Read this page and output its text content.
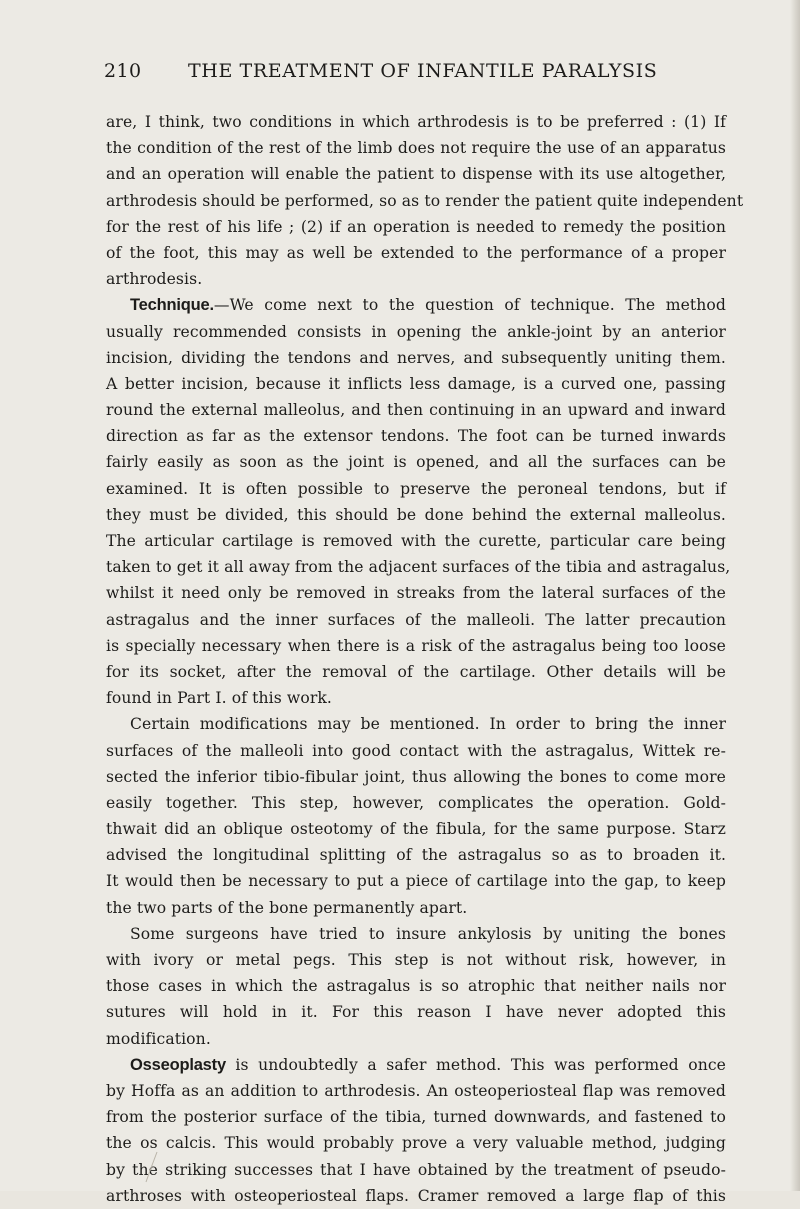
210 THE TREATMENT OF INFANTILE PARALYSIS
are, I think, two conditions in which arthrodesis is to be preferred : (1) If
the condition of the rest of the limb does not require the use of an apparatus
and an operation will enable the patient to dispense with its use altogether,
arthrodesis should be performed, so as to render the patient quite independent
for the rest of his life ; (2) if an operation is needed to remedy the position
of the foot, this may as well be extended to the performance of a proper
arthrodesis.
Technique.—We come next to the question of technique. The method
usually recommended consists in opening the ankle-joint by an anterior
incision, dividing the tendons and nerves, and subsequently uniting them.
A better incision, because it inflicts less damage, is a curved one, passing
round the external malleolus, and then continuing in an upward and inward
direction as far as the extensor tendons. The foot can be turned inwards
fairly easily as soon as the joint is opened, and all the surfaces can be
examined. It is often possible to preserve the peroneal tendons, but if
they must be divided, this should be done behind the external malleolus.
The articular cartilage is removed with the curette, particular care being
taken to get it all away from the adjacent surfaces of the tibia and astragalus,
whilst it need only be removed in streaks from the lateral surfaces of the
astragalus and the inner surfaces of the malleoli. The latter precaution
is specially necessary when there is a risk of the astragalus being too loose
for its socket, after the removal of the cartilage. Other details will be
found in Part I. of this work.
Certain modifications may be mentioned. In order to bring the inner
surfaces of the malleoli into good contact with the astragalus, Wittek re-
sected the inferior tibio-fibular joint, thus allowing the bones to come more
easily together. This step, however, complicates the operation. Gold-
thwait did an oblique osteotomy of the fibula, for the same purpose. Starz
advised the longitudinal splitting of the astragalus so as to broaden it.
It would then be necessary to put a piece of cartilage into the gap, to keep
the two parts of the bone permanently apart.
Some surgeons have tried to insure ankylosis by uniting the bones
with ivory or metal pegs. This step is not without risk, however, in
those cases in which the astragalus is so atrophic that neither nails nor
sutures will hold in it. For this reason I have never adopted this
modification.
Osseoplasty is undoubtedly a safer method. This was performed once
by Hoffa as an addition to arthrodesis. An osteoperiosteal flap was removed
from the posterior surface of the tibia, turned downwards, and fastened to
the os calcis. This would probably prove a very valuable method, judging
by the striking successes that I have obtained by the treatment of pseudo-
arthroses with osteoperiosteal flaps. Cramer removed a large flap of this
